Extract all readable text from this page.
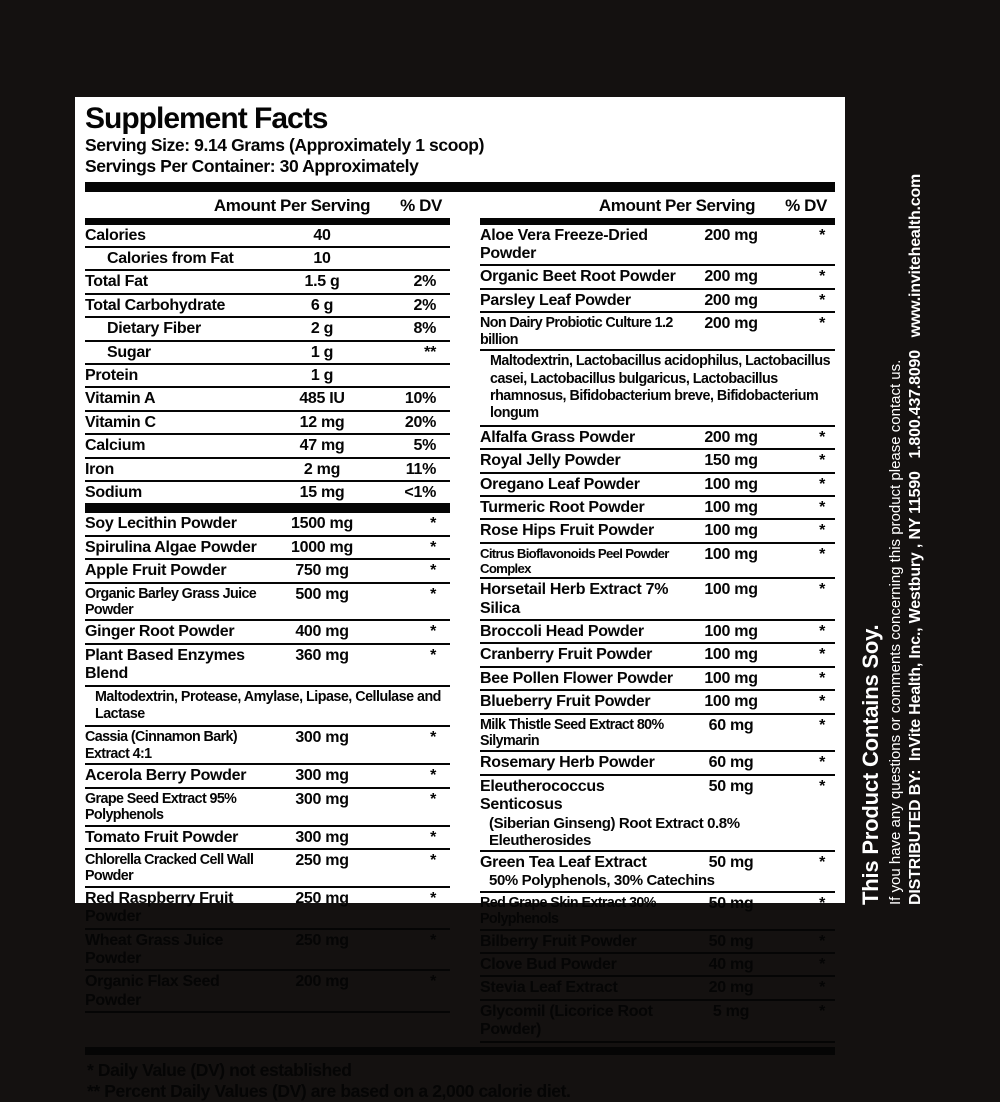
Supplement Facts
Serving Size: 9.14 Grams (Approximately 1 scoop)
Servings Per Container: 30 Approximately
Amount Per Serving % DV
Calories	40
Calories from Fat	10
Total Fat	1.5 g	2%
Total Carbohydrate	6 g	2%
Dietary Fiber	2 g	8%
Sugar	1 g	**
Protein	1 g
Vitamin A	485 IU	10%
Vitamin C	12 mg	20%
Calcium	47 mg	5%
Iron	2 mg	11%
Sodium	15 mg	<1%
Soy Lecithin Powder	1500 mg	*
Spirulina Algae Powder	1000 mg	*
Apple Fruit Powder	750 mg	*
Organic Barley Grass Juice Powder
500 mg	*
Ginger Root Powder	400 mg	*
Plant Based Enzymes Blend
360 mg	*
Maltodextrin, Protease, Amylase, Lipase, Cellulase and Lactase
Cassia (Cinnamon Bark) Extract 4:1
300 mg	*
Acerola Berry Powder	300 mg	*
Grape Seed Extract 95% Polyphenols
300 mg	*
Tomato Fruit Powder	300 mg	*
Chlorella Cracked Cell Wall Powder
250 mg	*
Red Raspberry Fruit Powder
250 mg	*
Wheat Grass Juice Powder
250 mg	*
Organic Flax Seed Powder
200 mg	*
Amount Per Serving % DV
Aloe Vera Freeze-Dried Powder
200 mg	*
Organic Beet Root Powder	200 mg	*
Parsley Leaf Powder	200 mg	*
Non Dairy Probiotic Culture 1.2 billion
200 mg	*
Maltodextrin, Lactobacillus acidophilus, Lactobacillus casei, Lactobacillus bulgaricus, Lactobacillus rhamnosus, Bifidobacterium breve, Bifidobacterium longum
Alfalfa Grass Powder	200 mg	*
Royal Jelly Powder	150 mg	*
Oregano Leaf Powder	100 mg	*
Turmeric Root Powder	100 mg	*
Rose Hips Fruit Powder	100 mg	*
Citrus Bioflavonoids Peel Powder Complex
100 mg	*
Horsetail Herb Extract 7% Silica
100 mg	*
Broccoli Head Powder	100 mg	*
Cranberry Fruit Powder	100 mg	*
Bee Pollen Flower Powder	100 mg	*
Blueberry Fruit Powder	100 mg	*
Milk Thistle Seed Extract 80% Silymarin
60 mg	*
Rosemary Herb Powder	60 mg	*
Eleutherococcus Senticosus
50 mg	*
(Siberian Ginseng) Root Extract 0.8% Eleutherosides
Green Tea Leaf Extract	50 mg	*
50% Polyphenols, 30% Catechins
Red Grape Skin Extract 30% Polyphenols
50 mg	*
Bilberry Fruit Powder	50 mg	*
Clove Bud Powder	40 mg	*
Stevia Leaf Extract	20 mg	*
Glycomil (Licorice Root Powder)
5 mg	*
* Daily Value (DV) not established
** Percent Daily Values (DV) are based on a 2,000 calorie diet.
This Product Contains Soy. If you have any questions or comments concerning this product please contact us. DISTRIBUTED BY:  InVite Health, Inc., Westbury , NY 11590   1.800.437.8090   www.invitehealth.com
